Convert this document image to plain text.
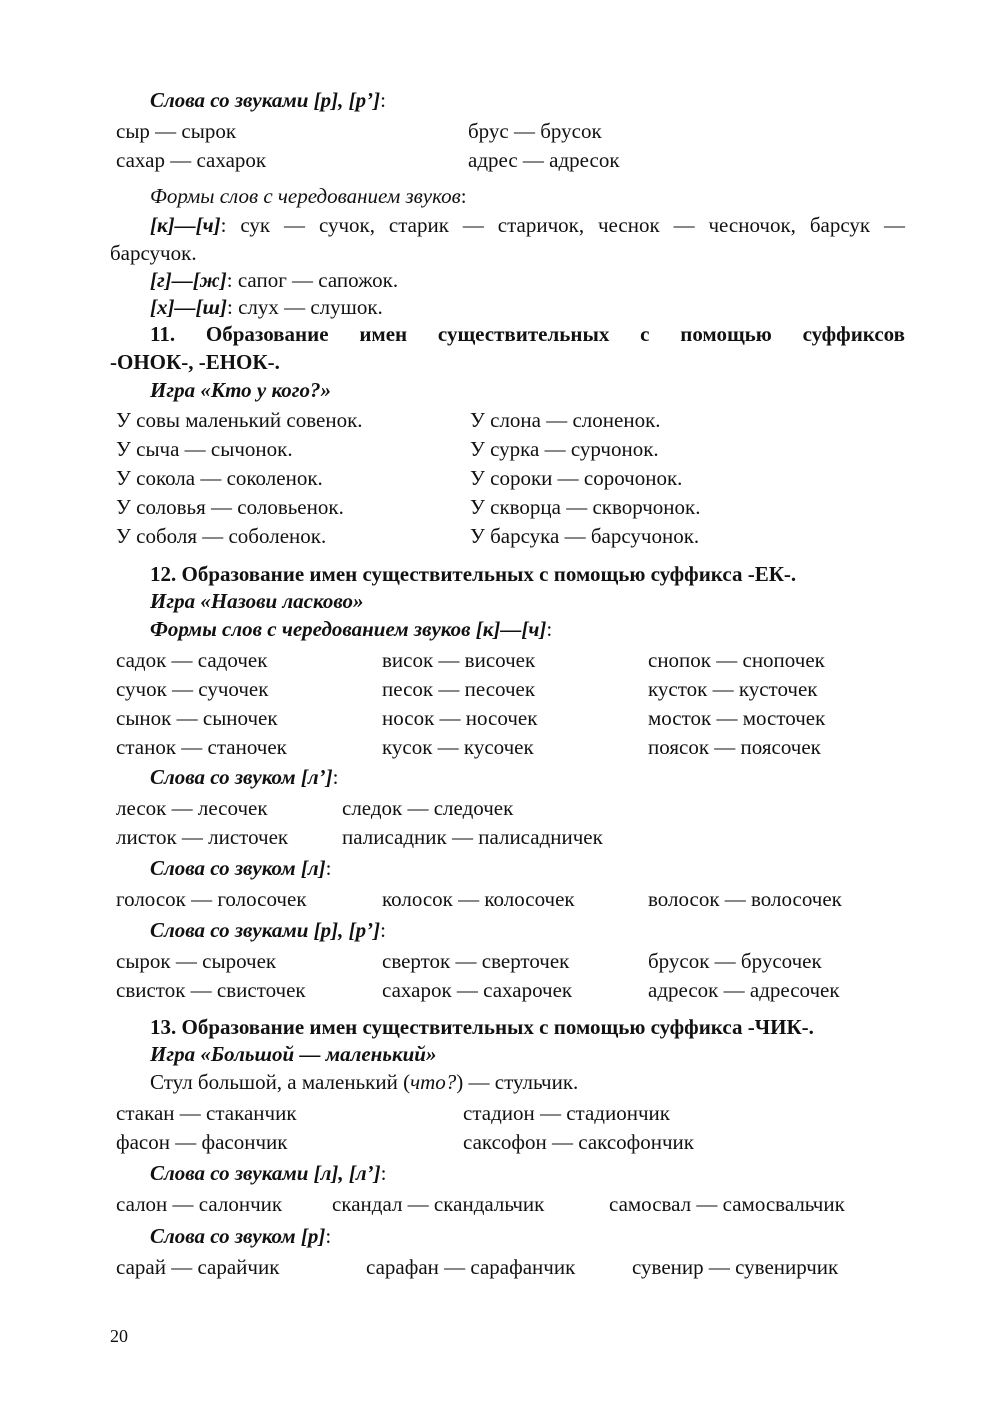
Слова со звуками [р], [р’]:
сыр — сырок	брус — брусок
сахар — сахарок	адрес — адресок
Формы слов с чередованием звуков:
[к]—[ч]: сук — сучок, старик — старичок, чеснок — чесночок, барсук —
барсучок.
[г]—[ж]: сапог — сапожок.
[х]—[ш]: слух — слушок.
11. Образование имен существительных с помощью суффиксов
-ОНОК-, -ЕНОК-.
Игра «Кто у кого?»
У совы маленький совенок.	У слона — слоненок.
У сыча — сычонок.	У сурка — сурчонок.
У сокола — соколенок.	У сороки — сорочонок.
У соловья — соловьенок.	У скворца — скворчонок.
У соболя — соболенок.	У барсука — барсучонок.
12. Образование имен существительных с помощью суффикса -ЕК-.
Игра «Назови ласково»
Формы слов с чередованием звуков [к]—[ч]:
садок — садочек	висок — височек	снопок — снопочек
сучок — сучочек	песок — песочек	кусток — кусточек
сынок — сыночек	носок — носочек	мосток — мосточек
станок — станочек	кусок — кусочек	поясок — поясочек
Слова со звуком [л’]:
лесок — лесочек	следок — следочек
листок — листочек	палисадник — палисадничек
Слова со звуком [л]:
голосок — голосочек	колосок — колосочек	волосок — волосочек
Слова со звуками [р], [р’]:
сырок — сырочек	сверток — сверточек	брусок — брусочек
свисток — свисточек	сахарок — сахарочек	адресок — адресочек
13. Образование имен существительных с помощью суффикса -ЧИК-.
Игра «Большой — маленький»
Стул большой, а маленький (что?) — стульчик.
стакан — стаканчик	стадион — стадиончик
фасон — фасончик	саксофон — саксофончик
Слова со звуками [л], [л’]:
салон — салончик скандал — скандальчик	самосвал — самосвальчик
Слова со звуком [р]:
сарай — сарайчик	сарафан — сарафанчик	сувенир — сувенирчик
20
